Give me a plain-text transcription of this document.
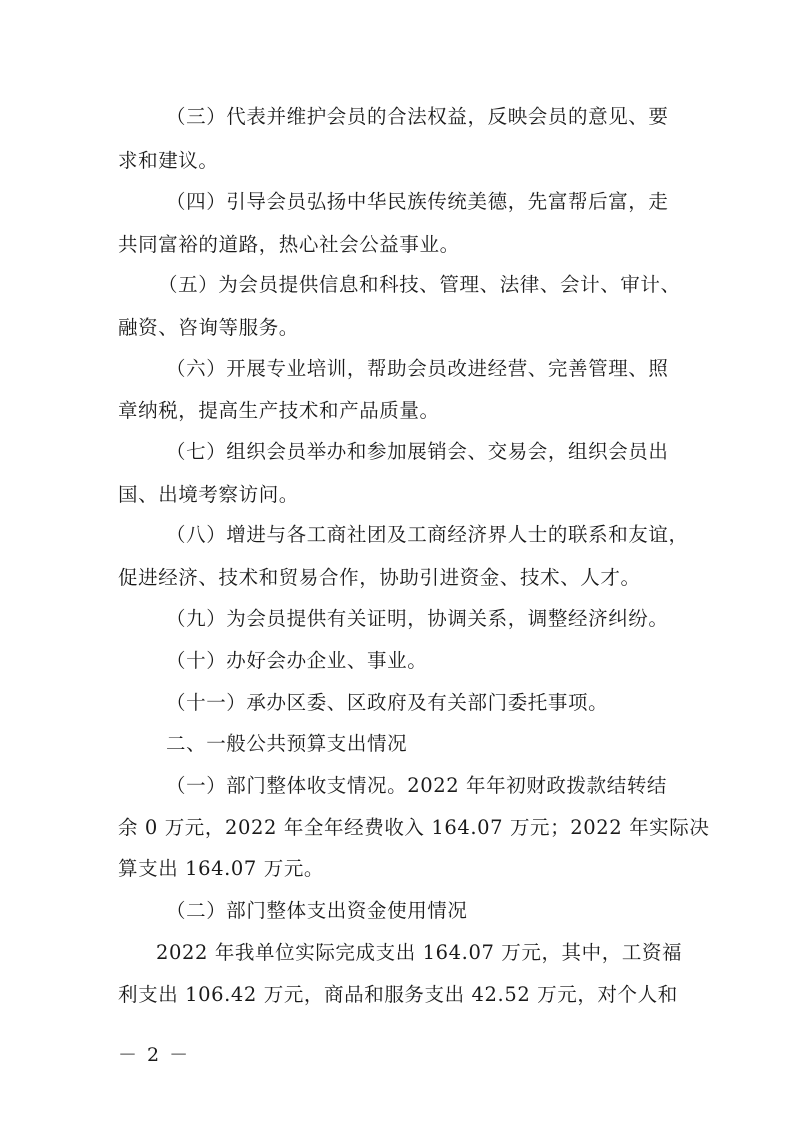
（三）代表并维护会员的合法权益，反映会员的意见、要
求和建议。
（四）引导会员弘扬中华民族传统美德，先富帮后富，走
共同富裕的道路，热心社会公益事业。
（五）为会员提供信息和科技、管理、法律、会计、审计、
融资、咨询等服务。
（六）开展专业培训，帮助会员改进经营、完善管理、照
章纳税，提高生产技术和产品质量。
（七）组织会员举办和参加展销会、交易会，组织会员出
国、出境考察访问。
（八）增进与各工商社团及工商经济界人士的联系和友谊，
促进经济、技术和贸易合作，协助引进资金、技术、人才。
（九）为会员提供有关证明，协调关系，调整经济纠纷。
（十）办好会办企业、事业。
（十一）承办区委、区政府及有关部门委托事项。
二、一般公共预算支出情况
（一）部门整体收支情况。2022 年年初财政拨款结转结
余 0 万元，2022 年全年经费收入 164.07 万元；2022 年实际决
算支出 164.07 万元。
（二）部门整体支出资金使用情况
2022 年我单位实际完成支出 164.07 万元，其中，工资福
利支出 106.42 万元，商品和服务支出 42.52 万元，对个人和
－ 2 －
